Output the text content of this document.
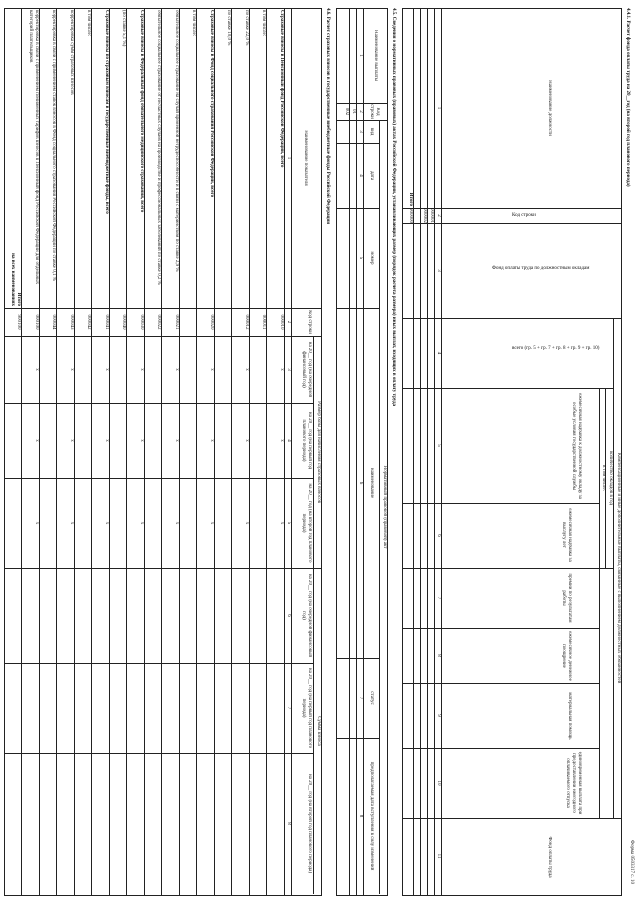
Форма 0503317 с. 10
4.4.1. Расчет фонда оплаты труда на 20__год (на второй год планового периода)
Наименование должности
Код строки
Фонд оплаты труда по должностным окладам
Компенсационные и иные дополнительные выплаты, связанные с выполнением должностных обязанностей
всего (гр. 5 + гр. 7 + гр. 8 + гр. 9 + гр. 10)
количество окладов в год
в том числе:
ежемесячная надбавка к должностному окладу за особые условия государственной службы
ежемесячная надбавка за выслугу лет
премии по результатам работы
ежемесячное денежное поощрение
материальная помощь
единовременная выплата при предоставлении ежегодного оплачиваемого отпуска
Фонд оплаты труда
1
2
3
4
5
6
7
8
9
10
11
000001
000002
Итого
900000
4.5. Сведения о нормативных правовых (правовых) актах Российской Федерации, устанавливающих размер (порядок расчета размера) иных выплат, входящих в оплату труда
Наименование выплаты
Код строки
Нормативный правовой (правовой) акт
вид
дата
номер
наименование
статус
предполагаемая дата вступления в силу изменений
1
2
3
4
5
6
7
8
01
002
4.6. Расчет страховых взносов в государственные внебюджетные фонды Российской Федерации
Наименование показателя
Код строки
Размер базы для начисления страховых взносов
Сумма взноса
на 20__ год (на очередной финансовый год)
на 20__ год (на первый год планового периода)
на 20__ год (на второй год планового периода)
на 20__ год (на очередной финансовый год)
на 20__ год (на первый год планового периода)
на 20__ год (на второй год планового периода)
1
2
3
4
5
6
7
8
Страховые взносы в Пенсионный фонд Российской Федерации, всего
000010
х
х
х
в том числе:
000011
по ставке 22,0 %
000012
х
х
х
по ставке 10,0 %
Страховые взносы в Фонд социального страхования Российской Федерации, всего
000020
х
х
х
в том числе:
обязательное социальное страхование на случай временной нетрудоспособности и в связи с материнством по ставке 2,9 %
000021
х
х
х
обязательное социальное страхование от несчастных случаев на производстве и профессиональных заболеваний по ставке 0,2 %
000022
Страховые взносы в Федеральный фонд обязательного медицинского страхования, всего
000030
х
х
х
(по ставке 5,1 %)
000040
Страховые взносы по страховым взносам в государственные внебюджетные фонды, всего
000041
х
х
х
в том числе:
000042
корректировка сумм страховых взносов
000043
х
х
х
корректировка в связи с применением ставок взносов в Фонд социального страхования Российской Федерации по ставке 0,1 %
000044
корректировка в связи с применением пониженных тарифов взносов в Пенсионный фонд Российской Федерации для отдельных категорий плательщиков
000100
х
х
х
Итого
на всех наименованиях
900100
